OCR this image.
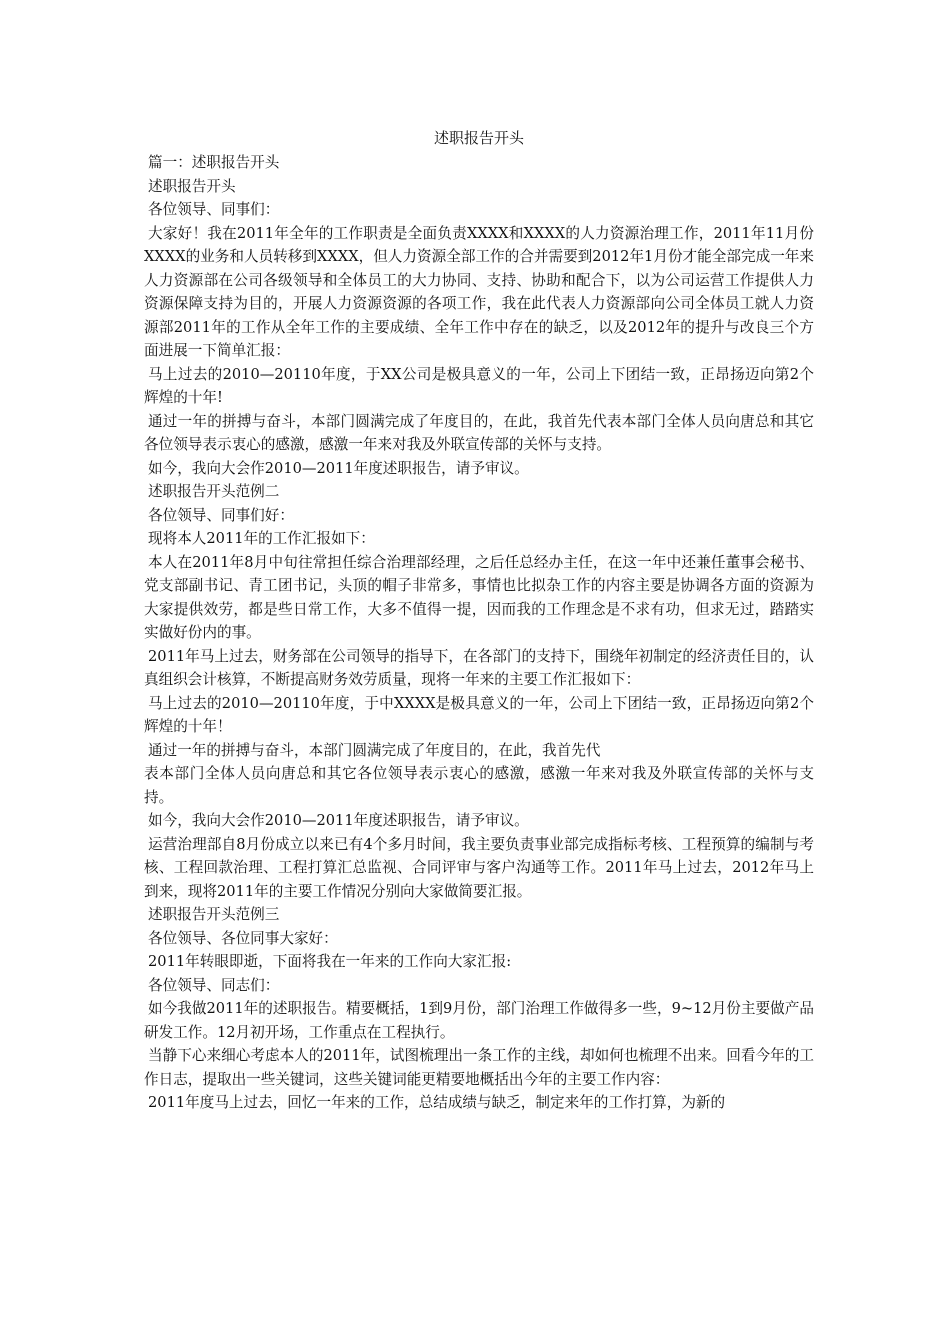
述职报告开头

篇一：述职报告开头

述职报告开头

各位领导、同事们：

大家好！我在2011年全年的工作职责是全面负责XXXX和XXXX的人力资源治理工作，2011年11月份XXXX的业务和人员转移到XXXX，但人力资源全部工作的合并需要到2012年1月份才能全部完成一年来人力资源部在公司各级领导和全体员工的大力协同、支持、协助和配合下，以为公司运营工作提供人力资源保障支持为目的，开展人力资源资源的各项工作，我在此代表人力资源部向公司全体员工就人力资源部2011年的工作从全年工作的主要成绩、全年工作中存在的缺乏，以及2012年的提升与改良三个方面进展一下简单汇报：

马上过去的2010—20110年度，于XX公司是极具意义的一年，公司上下团结一致，正昂扬迈向第2个辉煌的十年!

通过一年的拼搏与奋斗，本部门圆满完成了年度目的，在此，我首先代表本部门全体人员向唐总和其它各位领导表示衷心的感激，感激一年来对我及外联宣传部的关怀与支持。

如今，我向大会作2010—2011年度述职报告，请予审议。

述职报告开头范例二

各位领导、同事们好：

现将本人2011年的工作汇报如下：

本人在2011年8月中旬往常担任综合治理部经理，之后任总经办主任，在这一年中还兼任董事会秘书、党支部副书记、青工团书记，头顶的帽子非常多，事情也比拟杂工作的内容主要是协调各方面的资源为大家提供效劳，都是些日常工作，大多不值得一提，因而我的工作理念是不求有功，但求无过，踏踏实实做好份内的事。

2011年马上过去，财务部在公司领导的指导下，在各部门的支持下，围绕年初制定的经济责任目的，认真组织会计核算，不断提高财务效劳质量，现将一年来的主要工作汇报如下：

马上过去的2010—20110年度，于中XXXX是极具意义的一年，公司上下团结一致，正昂扬迈向第2个辉煌的十年！

通过一年的拼搏与奋斗，本部门圆满完成了年度目的，在此，我首先代

表本部门全体人员向唐总和其它各位领导表示衷心的感激，感激一年来对我及外联宣传部的关怀与支持。

如今，我向大会作2010—2011年度述职报告，请予审议。

运营治理部自8月份成立以来已有4个多月时间，我主要负责事业部完成指标考核、工程预算的编制与考核、工程回款治理、工程打算汇总监视、合同评审与客户沟通等工作。2011年马上过去，2012年马上到来，现将2011年的主要工作情况分别向大家做简要汇报。

述职报告开头范例三

各位领导、各位同事大家好：

2011年转眼即逝，下面将我在一年来的工作向大家汇报:

各位领导、同志们：

如今我做2011年的述职报告。精要概括，1到9月份，部门治理工作做得多一些，9~12月份主要做产品研发工作。12月初开场，工作重点在工程执行。

当静下心来细心考虑本人的2011年，试图梳理出一条工作的主线，却如何也梳理不出来。回看今年的工作日志，提取出一些关键词，这些关键词能更精要地概括出今年的主要工作内容：

2011年度马上过去，回忆一年来的工作，总结成绩与缺乏，制定来年的工作打算，为新的
